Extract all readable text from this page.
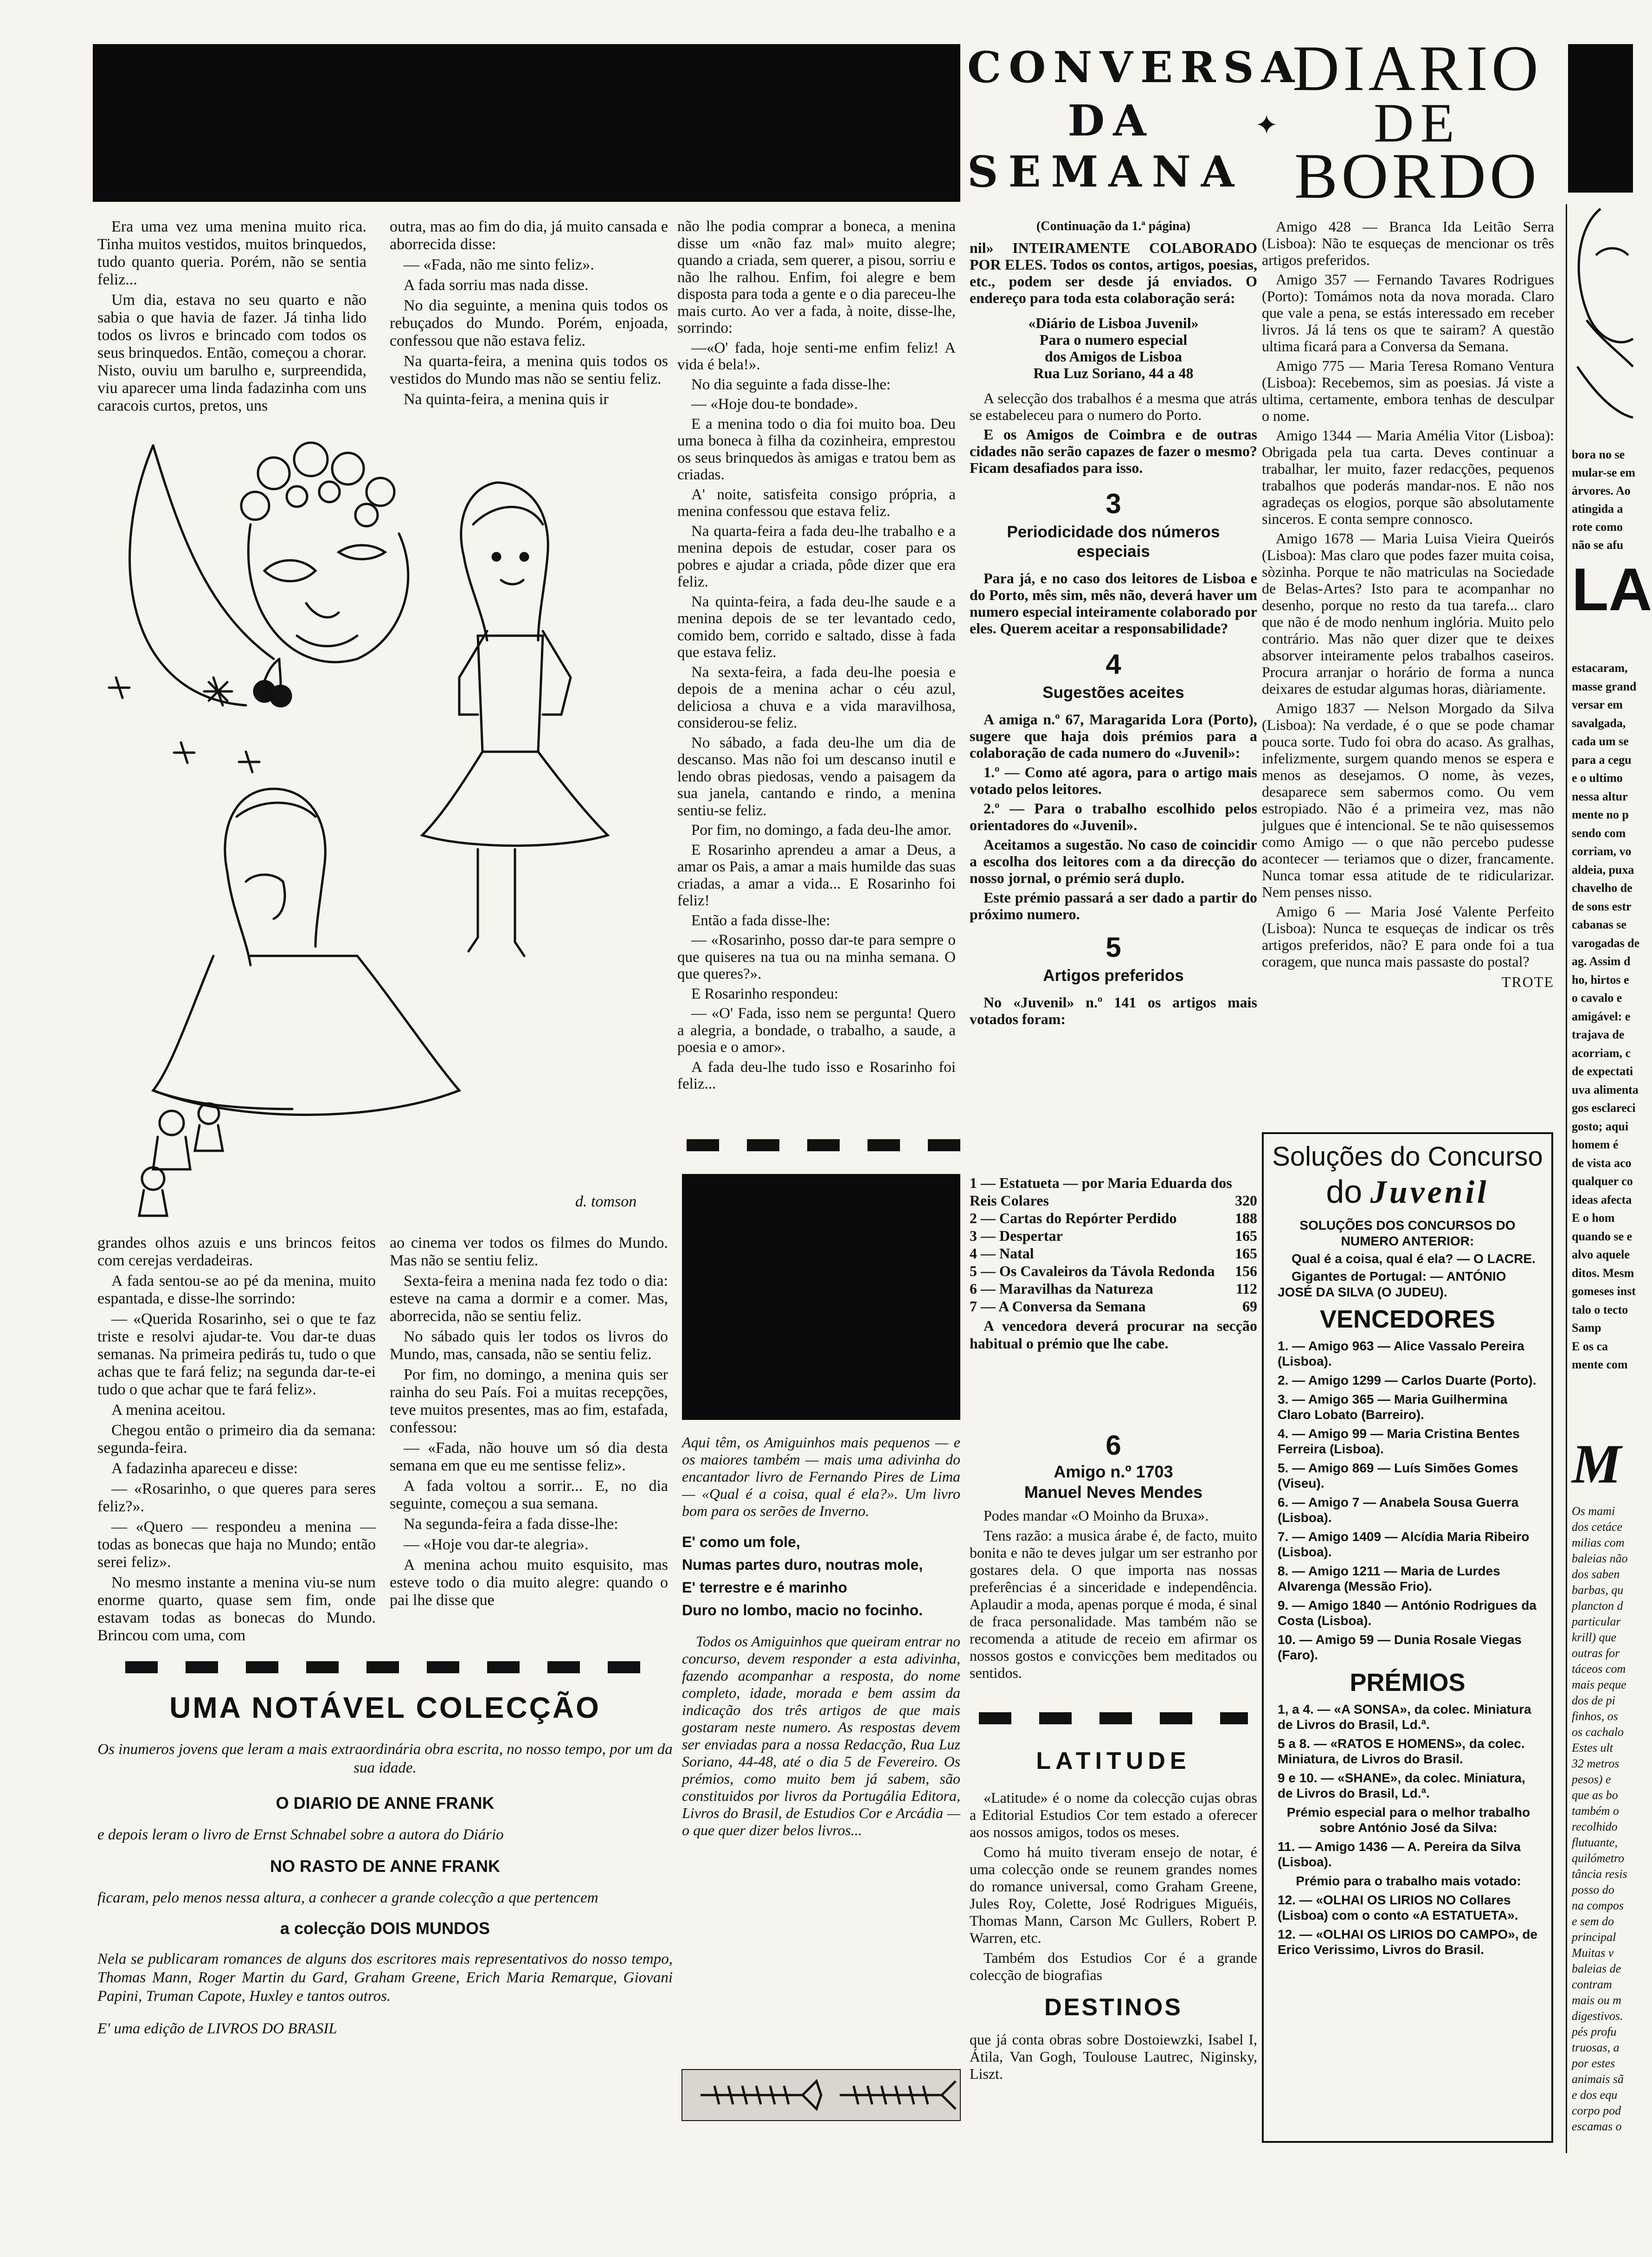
CONVERSA
DA
SEMANA
DIARIO
DE
BORDO
✦

Era uma vez uma menina muito rica. Tinha muitos vestidos, muitos brinquedos, tudo quanto queria. Porém, não se sentia feliz...

Um dia, estava no seu quarto e não sabia o que havia de fazer. Já tinha lido todos os livros e brincado com todos os seus brinquedos. Então, começou a chorar. Nisto, ouviu um barulho e, surpreendida, viu aparecer uma linda fadazinha com uns caracois curtos, pretos, uns

outra, mas ao fim do dia, já muito cansada e aborrecida disse:

— «Fada, não me sinto feliz».

A fada sorriu mas nada disse.

No dia seguinte, a menina quis todos os rebuçados do Mundo. Porém, enjoada, confessou que não estava feliz.

Na quarta-feira, a menina quis todos os vestidos do Mundo mas não se sentiu feliz.

Na quinta-feira, a menina quis ir

não lhe podia comprar a boneca, a menina disse um «não faz mal» muito alegre; quando a criada, sem querer, a pisou, sorriu e não lhe ralhou. Enfim, foi alegre e bem disposta para toda a gente e o dia pareceu-lhe mais curto. Ao ver a fada, à noite, disse-lhe, sorrindo:

—«O' fada, hoje senti-me enfim feliz! A vida é bela!».

No dia seguinte a fada disse-lhe:

— «Hoje dou-te bondade».

E a menina todo o dia foi muito boa. Deu uma boneca à filha da cozinheira, emprestou os seus brinquedos às amigas e tratou bem as criadas.

A' noite, satisfeita consigo própria, a menina confessou que estava feliz.

Na quarta-feira a fada deu-lhe trabalho e a menina depois de estudar, coser para os pobres e ajudar a criada, pôde dizer que era feliz.

Na quinta-feira, a fada deu-lhe saude e a menina depois de se ter levantado cedo, comido bem, corrido e saltado, disse à fada que estava feliz.

Na sexta-feira, a fada deu-lhe poesia e depois de a menina achar o céu azul, deliciosa a chuva e a vida maravilhosa, considerou-se feliz.

No sábado, a fada deu-lhe um dia de descanso. Mas não foi um descanso inutil e lendo obras piedosas, vendo a paisagem da sua janela, cantando e rindo, a menina sentiu-se feliz.

Por fim, no domingo, a fada deu-lhe amor.

E Rosarinho aprendeu a amar a Deus, a amar os Pais, a amar a mais humilde das suas criadas, a amar a vida... E Rosarinho foi feliz!

Então a fada disse-lhe:

— «Rosarinho, posso dar-te para sempre o que quiseres na tua ou na minha semana. O que queres?».

E Rosarinho respondeu:

— «O' Fada, isso nem se pergunta! Quero a alegria, a bondade, o trabalho, a saude, a poesia e o amor».

A fada deu-lhe tudo isso e Rosarinho foi feliz...

d. tomson

grandes olhos azuis e uns brincos feitos com cerejas verdadeiras.

A fada sentou-se ao pé da menina, muito espantada, e disse-lhe sorrindo:

— «Querida Rosarinho, sei o que te faz triste e resolvi ajudar-te. Vou dar-te duas semanas. Na primeira pedirás tu, tudo o que achas que te fará feliz; na segunda dar-te-ei tudo o que achar que te fará feliz».

A menina aceitou.

Chegou então o primeiro dia da semana: segunda-feira.

A fadazinha apareceu e disse:

— «Rosarinho, o que queres para seres feliz?».

— «Quero — respondeu a menina — todas as bonecas que haja no Mundo; então serei feliz».

No mesmo instante a menina viu-se num enorme quarto, quase sem fim, onde estavam todas as bonecas do Mundo. Brincou com uma, com

ao cinema ver todos os filmes do Mundo. Mas não se sentiu feliz.

Sexta-feira a menina nada fez todo o dia: esteve na cama a dormir e a comer. Mas, aborrecida, não se sentiu feliz.

No sábado quis ler todos os livros do Mundo, mas, cansada, não se sentiu feliz.

Por fim, no domingo, a menina quis ser rainha do seu País. Foi a muitas recepções, teve muitos presentes, mas ao fim, estafada, confessou:

— «Fada, não houve um só dia desta semana em que eu me sentisse feliz».

A fada voltou a sorrir... E, no dia seguinte, começou a sua semana.

Na segunda-feira a fada disse-lhe:

— «Hoje vou dar-te alegria».

A menina achou muito esquisito, mas esteve todo o dia muito alegre: quando o pai lhe disse que

UMA NOTÁVEL COLECÇÃO
Os inumeros jovens que leram a mais extraordinária obra escrita, no nosso tempo, por um da sua idade.
O DIARIO DE ANNE FRANK
e depois leram o livro de Ernst Schnabel sobre a autora do Diário
NO RASTO DE ANNE FRANK
ficaram, pelo menos nessa altura, a conhecer a grande colecção a que pertencem
a colecção DOIS MUNDOS
Nela se publicaram romances de alguns dos escritores mais representativos do nosso tempo, Thomas Mann, Roger Martin du Gard, Graham Greene, Erich Maria Remarque, Giovani Papini, Truman Capote, Huxley e tantos outros.
E' uma edição de LIVROS DO BRASIL
(Continuação da 1.ª página)

nil» INTEIRAMENTE COLABORADO POR ELES. Todos os contos, artigos, poesias, etc., podem ser desde já enviados. O endereço para toda esta colaboração será:

«Diário de Lisboa Juvenil»
Para o numero especial
dos Amigos de Lisboa
Rua Luz Soriano, 44 a 48

A selecção dos trabalhos é a mesma que atrás se estabeleceu para o numero do Porto.

E os Amigos de Coimbra e de outras cidades não serão capazes de fazer o mesmo? Ficam desafiados para isso.

3
Periodicidade dos números especiais

Para já, e no caso dos leitores de Lisboa e do Porto, mês sim, mês não, deverá haver um numero especial inteiramente colaborado por eles. Querem aceitar a responsabilidade?

4
Sugestões aceites

A amiga n.º 67, Maragarida Lora (Porto), sugere que haja dois prémios para a colaboração de cada numero do «Juvenil»:

1.º — Como até agora, para o artigo mais votado pelos leitores.

2.º — Para o trabalho escolhido pelos orientadores do «Juvenil».

Aceitamos a sugestão. No caso de coincidir a escolha dos leitores com a da direcção do nosso jornal, o prémio será duplo.

Este prémio passará a ser dado a partir do próximo numero.

5
Artigos preferidos

No «Juvenil» n.º 141 os artigos mais votados foram:

1 — Estatueta — por Maria Eduarda dos Reis Colares	320
2 — Cartas do Repórter Perdido	188
3 — Despertar	165
4 — Natal	165
5 — Os Cavaleiros da Távola Redonda	156
6 — Maravilhas da Natureza	112
7 — A Conversa da Semana	69
A vencedora deverá procurar na secção habitual o prémio que lhe cabe.
6
Amigo n.º 1703
Manuel Neves Mendes

Podes mandar «O Moinho da Bruxa».

Tens razão: a musica árabe é, de facto, muito bonita e não te deves julgar um ser estranho por gostares dela. O que importa nas nossas preferências é a sinceridade e independência. Aplaudir a moda, apenas porque é moda, é sinal de fraca personalidade. Mas também não se recomenda a atitude de receio em afirmar os nossos gostos e convicções bem meditados ou sentidos.

Aqui têm, os Amiguinhos mais pequenos — e os maiores também — mais uma adivinha do encantador livro de Fernando Pires de Lima — «Qual é a coisa, qual é ela?». Um livro bom para os serões de Inverno.

E' como um fole,
Numas partes duro, noutras mole,
E' terrestre e é marinho
Duro no lombo, macio no focinho.

Todos os Amiguinhos que queiram entrar no concurso, devem responder a esta adivinha, fazendo acompanhar a resposta, do nome completo, idade, morada e bem assim da indicação dos três artigos de que mais gostaram neste numero. As respostas devem ser enviadas para a nossa Redacção, Rua Luz Soriano, 44-48, até o dia 5 de Fevereiro. Os prémios, como muito bem já sabem, são constituidos por livros da Portugália Editora, Livros do Brasil, de Estudios Cor e Arcádia — o que quer dizer belos livros...

LATITUDE

«Latitude» é o nome da colecção cujas obras a Editorial Estudios Cor tem estado a oferecer aos nossos amigos, todos os meses.

Como há muito tiveram ensejo de notar, é uma colecção onde se reunem grandes nomes do romance universal, como Graham Greene, Jules Roy, Colette, José Rodrigues Miguéis, Thomas Mann, Carson Mc Gullers, Robert P. Warren, etc.

Também dos Estudios Cor é a grande colecção de biografias

DESTINOS

que já conta obras sobre Dostoiewzki, Isabel I, Átila, Van Gogh, Toulouse Lautrec, Niginsky, Liszt.

Amigo 428 — Branca Ida Leitão Serra (Lisboa): Não te esqueças de mencionar os três artigos preferidos.

Amigo 357 — Fernando Tavares Rodrigues (Porto): Tomámos nota da nova morada. Claro que vale a pena, se estás interessado em receber livros. Já lá tens os que te sairam? A questão ultima ficará para a Conversa da Semana.

Amigo 775 — Maria Teresa Romano Ventura (Lisboa): Recebemos, sim as poesias. Já viste a ultima, certamente, embora tenhas de desculpar o nome.

Amigo 1344 — Maria Amélia Vitor (Lisboa): Obrigada pela tua carta. Deves continuar a trabalhar, ler muito, fazer redacções, pequenos trabalhos que poderás mandar-nos. E não nos agradeças os elogios, porque são absolutamente sinceros. E conta sempre connosco.

Amigo 1678 — Maria Luisa Vieira Queirós (Lisboa): Mas claro que podes fazer muita coisa, sòzinha. Porque te não matriculas na Sociedade de Belas-Artes? Isto para te acompanhar no desenho, porque no resto da tua tarefa... claro que não é de modo nenhum inglória. Muito pelo contrário. Mas não quer dizer que te deixes absorver inteiramente pelos trabalhos caseiros. Procura arranjar o horário de forma a nunca deixares de estudar algumas horas, diàriamente.

Amigo 1837 — Nelson Morgado da Silva (Lisboa): Na verdade, é o que se pode chamar pouca sorte. Tudo foi obra do acaso. As gralhas, infelizmente, surgem quando menos se espera e menos as desejamos. O nome, às vezes, desaparece sem sabermos como. Ou vem estropiado. Não é a primeira vez, mas não julgues que é intencional. Se te não quisessemos como Amigo — o que não percebo pudesse acontecer — teriamos que o dizer, francamente. Nunca tomar essa atitude de te ridicularizar. Nem penses nisso.

Amigo 6 — Maria José Valente Perfeito (Lisboa): Nunca te esqueças de indicar os três artigos preferidos, não? E para onde foi a tua coragem, que nunca mais passaste do postal?

TROTE
Soluções do Concurso
do Juvenil
SOLUÇÕES DOS CONCURSOS DO NUMERO ANTERIOR:
Qual é a coisa, qual é ela? — O LACRE.
Gigantes de Portugal: — ANTÓNIO JOSÉ DA SILVA (O JUDEU).
VENCEDORES

1. — Amigo 963 — Alice Vassalo Pereira (Lisboa).

2. — Amigo 1299 — Carlos Duarte (Porto).

3. — Amigo 365 — Maria Guilhermina Claro Lobato (Barreiro).

4. — Amigo 99 — Maria Cristina Bentes Ferreira (Lisboa).

5. — Amigo 869 — Luís Simões Gomes (Viseu).

6. — Amigo 7 — Anabela Sousa Guerra (Lisboa).

7. — Amigo 1409 — Alcídia Maria Ribeiro (Lisboa).

8. — Amigo 1211 — Maria de Lurdes Alvarenga (Messão Frio).

9. — Amigo 1840 — António Rodrigues da Costa (Lisboa).

10. — Amigo 59 — Dunia Rosale Viegas (Faro).

PRÉMIOS

1, a 4. — «A SONSA», da colec. Miniatura de Livros do Brasil, Ld.ª.

5 a 8. — «RATOS E HOMENS», da colec. Miniatura, de Livros do Brasil.

9 e 10. — «SHANE», da colec. Miniatura, de Livros do Brasil, Ld.ª.

Prémio especial para o melhor trabalho sobre António José da Silva:

11. — Amigo 1436 — A. Pereira da Silva (Lisboa).

Prémio para o trabalho mais votado:

12. — «OLHAI OS LIRIOS NO Collares (Lisboa) com o conto «A ESTATUETA».

12. — «OLHAI OS LIRIOS DO CAMPO», de Erico Verissimo, Livros do Brasil.

bora no se
mular-se em
árvores. Ao
atingida a
rote como
não se afu
LA
estacaram,
masse grand
versar em
savalgada,
cada um se
para a cegu
e o ultimo
nessa altur
mente no p
sendo com
corriam, vo
aldeia, puxa
chavelho de
de sons estr
cabanas se
varogadas de
ag. Assim d
ho, hirtos e
o cavalo e
amigável: e
trajava de
acorriam, c
de expectati
uva alimenta
gos esclareci
gosto; aqui
homem é
de vista aco
qualquer co
ideas afecta
E o hom
quando se e
alvo aquele
ditos. Mesm
gomeses inst
talo o tecto
Samp
E os ca
mente com
M
Os mami
dos cetáce
milias com
baleias não
dos saben
barbas, qu
plancton d
particular
krill) que
outras for
táceos com
mais peque
dos de pi
finhos, os
os cachalo
Estes ult
32 metros
pesos) e
que as bo
também o
recolhido
flutuante,
quilómetro
tância resis
posso do
na compos
e sem do
principal
Muitas v
baleias de
contram
mais ou m
digestivos.
pés profu
truosas, a
por estes
animais sã
e dos equ
corpo pod
escamas o
